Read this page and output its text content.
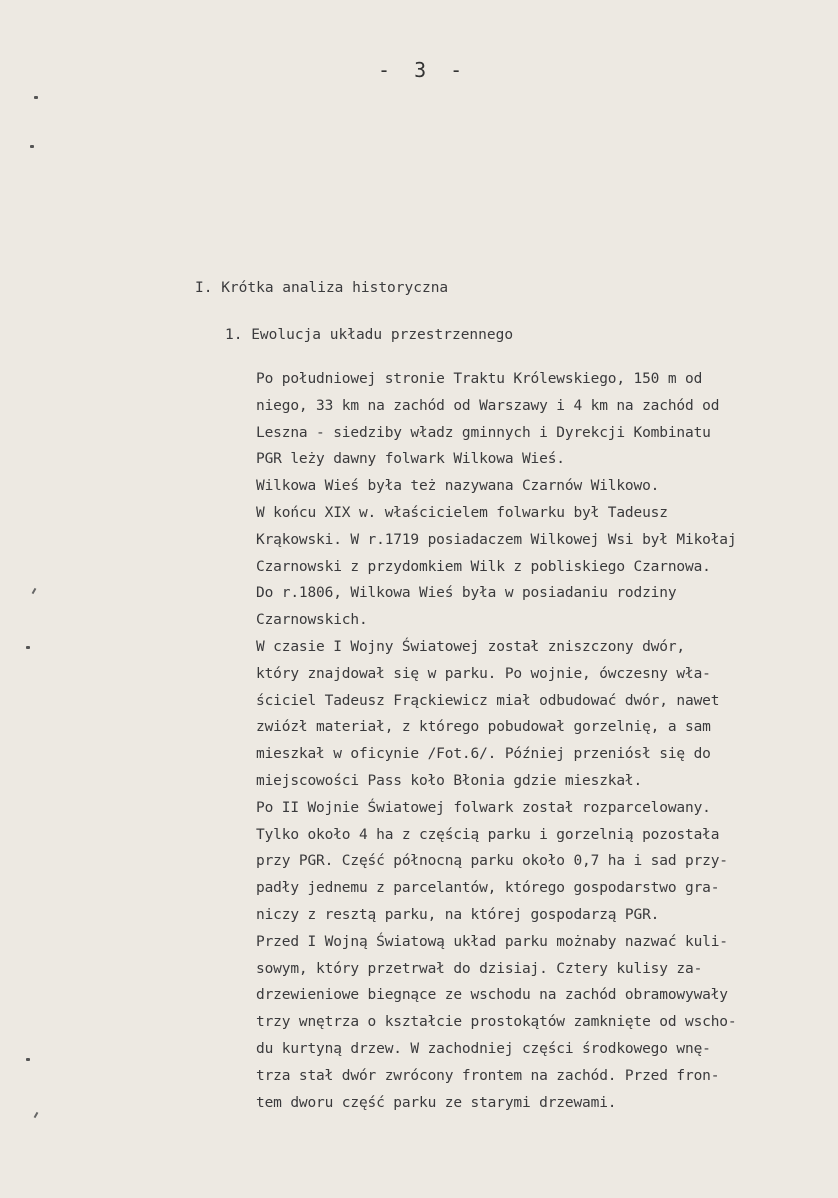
- 3 -
I. Krótka analiza historyczna
1. Ewolucja układu przestrzennego
Po południowej stronie Traktu Królewskiego, 150 m od
niego, 33 km na zachód od Warszawy i 4 km na zachód od
Leszna - siedziby władz gminnych i Dyrekcji Kombinatu
PGR leży dawny folwark Wilkowa Wieś.
Wilkowa Wieś była też nazywana Czarnów Wilkowo.
W końcu XIX w. właścicielem folwarku był Tadeusz
Krąkowski. W r.1719 posiadaczem Wilkowej Wsi był Mikołaj
Czarnowski z przydomkiem Wilk z pobliskiego Czarnowa.
Do r.1806, Wilkowa Wieś była w posiadaniu rodziny
Czarnowskich.
W czasie I Wojny Światowej został zniszczony dwór,
który znajdował się w parku. Po wojnie, ówczesny wła-
ściciel Tadeusz Frąckiewicz miał odbudować dwór, nawet
zwiózł materiał, z którego pobudował gorzelnię, a sam
mieszkał w oficynie /Fot.6/. Później przeniósł się do
miejscowości Pass koło Błonia gdzie mieszkał.
Po II Wojnie Światowej folwark został rozparcelowany.
Tylko około 4 ha z częścią parku i gorzelnią pozostała
przy PGR. Część północną parku około 0,7 ha i sad przy-
padły jednemu z parcelantów, którego gospodarstwo gra-
niczy z resztą parku, na której gospodarzą PGR.
Przed I Wojną Światową układ parku możnaby nazwać kuli-
sowym, który przetrwał do dzisiaj. Cztery kulisy za-
drzewieniowe biegnące ze wschodu na zachód obramowywały
trzy wnętrza o kształcie prostokątów zamknięte od wscho-
du kurtyną drzew. W zachodniej części środkowego wnę-
trza stał dwór zwrócony frontem na zachód. Przed fron-
tem dworu część parku ze starymi drzewami.
